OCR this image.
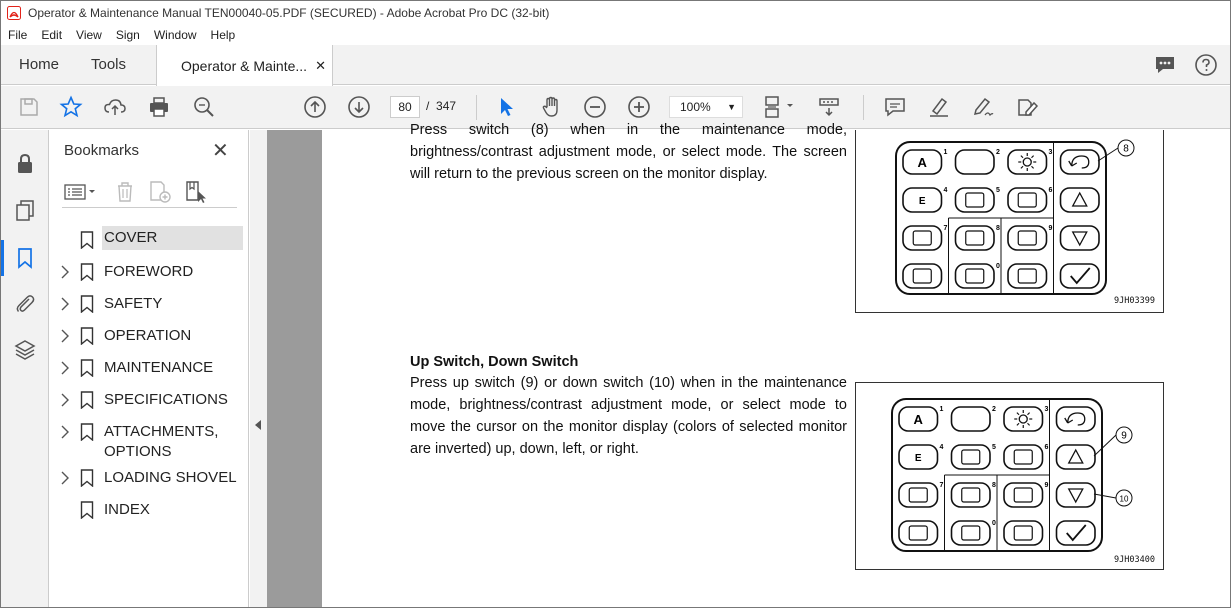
Operator & Maintenance Manual TEN00040-05.PDF (SECURED) - Adobe Acrobat Pro DC (32-bit)
File	Edit	View	Sign	Window	Help
Home Tools	Operator & Mainte... ✕
80	/ 347	100% ▼
Bookmarks	✕
COVER
FOREWORD
SAFETY
OPERATION
MAINTENANCE
SPECIFICATIONS
ATTACHMENTS, OPTIONS
LOADING SHOVEL
INDEX
Press switch (8) when in the maintenance mode, brightness/contrast adjustment mode, or select mode. The screen will return to the previous screen on the monitor display.
A
1	2	3
E
4	5	6
7	8	9
0
8
9JH03399
Up Switch, Down Switch
Press up switch (9) or down switch (10) when in the maintenance mode, brightness/contrast adjustment mode, or select mode to move the cursor on the monitor display (colors of selected monitor are inverted) up, down, left, or right.
A
1	2	3
E
4	5	6
7	8	9
0
9
10
9JH03400
